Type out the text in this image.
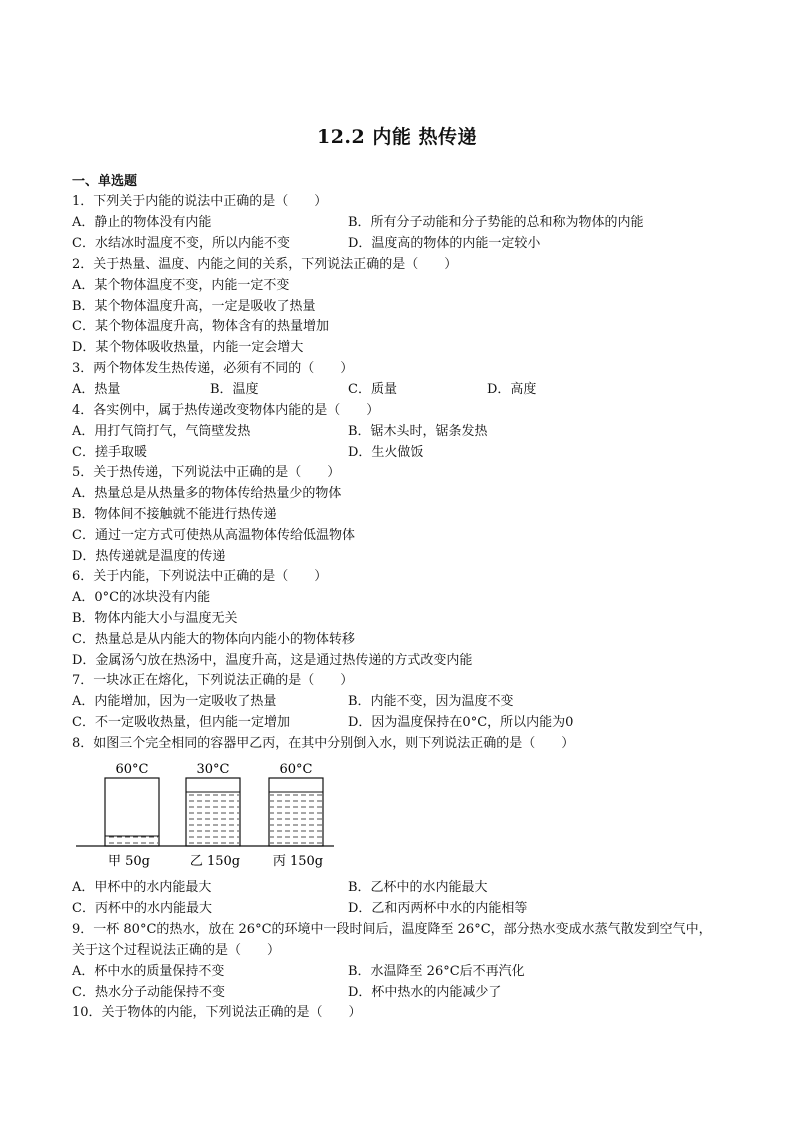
12.2 内能 热传递
一、单选题
1．下列关于内能的说法中正确的是（　　）
A．静止的物体没有内能	B．所有分子动能和分子势能的总和称为物体的内能
C．水结冰时温度不变，所以内能不变	D．温度高的物体的内能一定较小
2．关于热量、温度、内能之间的关系，下列说法正确的是（　　）
A．某个物体温度不变，内能一定不变
B．某个物体温度升高，一定是吸收了热量
C．某个物体温度升高，物体含有的热量增加
D．某个物体吸收热量，内能一定会增大
3．两个物体发生热传递，必须有不同的（　　）
A．热量	B．温度	C．质量	D．高度
4．各实例中，属于热传递改变物体内能的是（　　）
A．用打气筒打气，气筒壁发热	B．锯木头时，锯条发热
C．搓手取暖	D．生火做饭
5．关于热传递，下列说法中正确的是（　　）
A．热量总是从热量多的物体传给热量少的物体
B．物体间不接触就不能进行热传递
C．通过一定方式可使热从高温物体传给低温物体
D．热传递就是温度的传递
6．关于内能，下列说法中正确的是（　　）
A．0°C的冰块没有内能
B．物体内能大小与温度无关
C．热量总是从内能大的物体向内能小的物体转移
D．金属汤勺放在热汤中，温度升高，这是通过热传递的方式改变内能
7．一块冰正在熔化，下列说法正确的是（　　）
A．内能增加，因为一定吸收了热量	B．内能不变，因为温度不变
C．不一定吸收热量，但内能一定增加	D．因为温度保持在0°C，所以内能为0
8．如图三个完全相同的容器甲乙丙，在其中分别倒入水，则下列说法正确的是（　　）
60°C	30°C	60°C
甲 50g	乙 150g	丙 150g
A．甲杯中的水内能最大	B．乙杯中的水内能最大
C．丙杯中的水内能最大	D．乙和丙两杯中水的内能相等
9．一杯 80°C的热水，放在 26°C的环境中一段时间后，温度降至 26°C，部分热水变成水蒸气散发到空气中，
关于这个过程说法正确的是（　　）
A．杯中水的质量保持不变	B．水温降至 26°C后不再汽化
C．热水分子动能保持不变	D．杯中热水的内能减少了
10．关于物体的内能，下列说法正确的是（　　）
